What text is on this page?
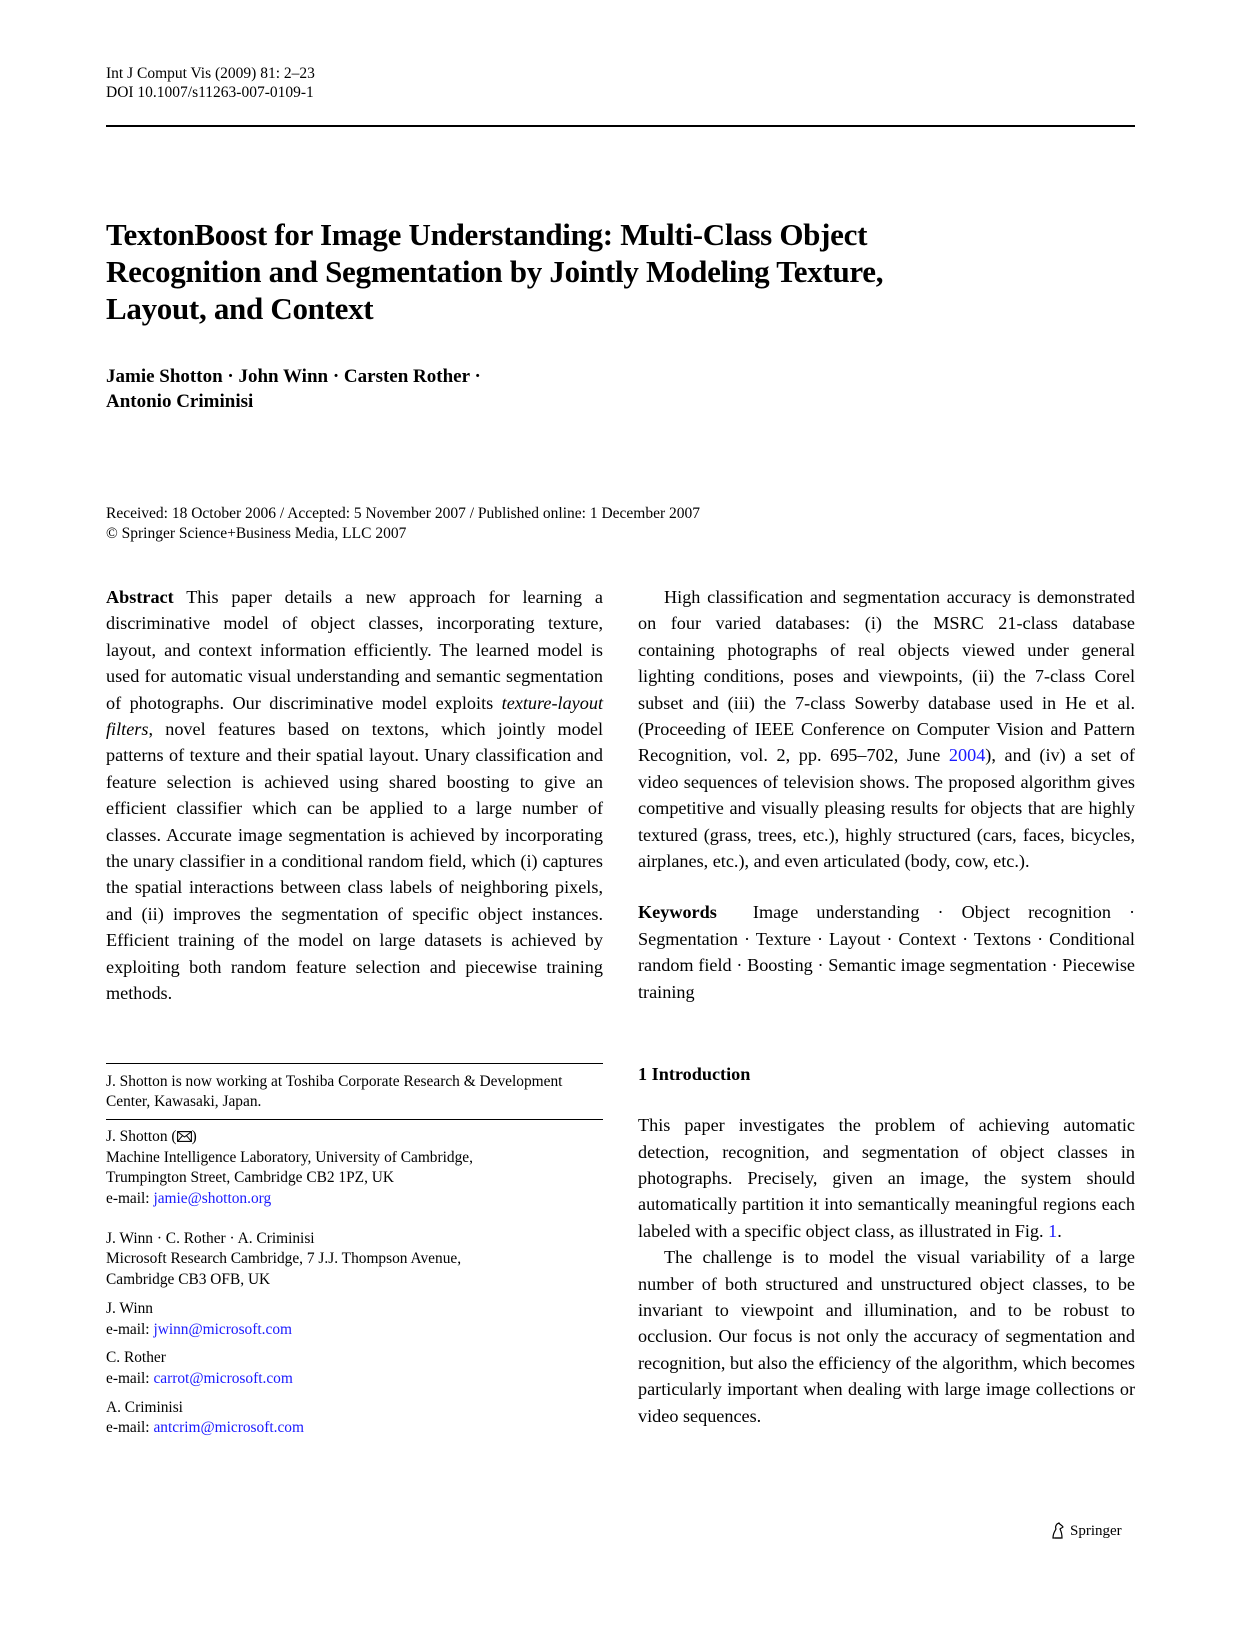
Int J Comput Vis (2009) 81: 2–23
DOI 10.1007/s11263-007-0109-1
TextonBoost for Image Understanding: Multi-Class Object
Recognition and Segmentation by Jointly Modeling Texture,
Layout, and Context
Jamie Shotton · John Winn · Carsten Rother ·
Antonio Criminisi
Received: 18 October 2006 / Accepted: 5 November 2007 / Published online: 1 December 2007
© Springer Science+Business Media, LLC 2007

Abstract This paper details a new approach for learning a discriminative model of object classes, incorporating texture, layout, and context information efficiently. The learned model is used for automatic visual understanding and semantic segmentation of photographs. Our discriminative model exploits texture-layout filters, novel features based on textons, which jointly model patterns of texture and their spatial layout. Unary classification and feature selection is achieved using shared boosting to give an efficient classifier which can be applied to a large number of classes. Accurate image segmentation is achieved by incorporating the unary classifier in a conditional random field, which (i) captures the spatial interactions between class labels of neighboring pixels, and (ii) improves the segmentation of specific object instances. Efficient training of the model on large datasets is achieved by exploiting both random feature selection and piecewise training methods.

J. Shotton is now working at Toshiba Corporate Research & Development Center, Kawasaki, Japan.
J. Shotton ( )
Machine Intelligence Laboratory, University of Cambridge,
Trumpington Street, Cambridge CB2 1PZ, UK
e-mail: jamie@shotton.org
J. Winn · C. Rother · A. Criminisi
Microsoft Research Cambridge, 7 J.J. Thompson Avenue,
Cambridge CB3 OFB, UK
J. Winn
e-mail: jwinn@microsoft.com
C. Rother
e-mail: carrot@microsoft.com
A. Criminisi
e-mail: antcrim@microsoft.com

High classification and segmentation accuracy is demonstrated on four varied databases: (i) the MSRC 21-class database containing photographs of real objects viewed under general lighting conditions, poses and viewpoints, (ii) the 7-class Corel subset and (iii) the 7-class Sowerby database used in He et al. (Proceeding of IEEE Conference on Computer Vision and Pattern Recognition, vol. 2, pp. 695–702, June 2004), and (iv) a set of video sequences of television shows. The proposed algorithm gives competitive and visually pleasing results for objects that are highly textured (grass, trees, etc.), highly structured (cars, faces, bicycles, airplanes, etc.), and even articulated (body, cow, etc.).

Keywords Image understanding · Object recognition · Segmentation · Texture · Layout · Context · Textons · Conditional random field · Boosting · Semantic image segmentation · Piecewise training

1 Introduction

This paper investigates the problem of achieving automatic detection, recognition, and segmentation of object classes in photographs. Precisely, given an image, the system should automatically partition it into semantically meaningful regions each labeled with a specific object class, as illustrated in Fig. 1.

The challenge is to model the visual variability of a large number of both structured and unstructured object classes, to be invariant to viewpoint and illumination, and to be robust to occlusion. Our focus is not only the accuracy of segmentation and recognition, but also the efficiency of the algorithm, which becomes particularly important when dealing with large image collections or video sequences.

Springer
